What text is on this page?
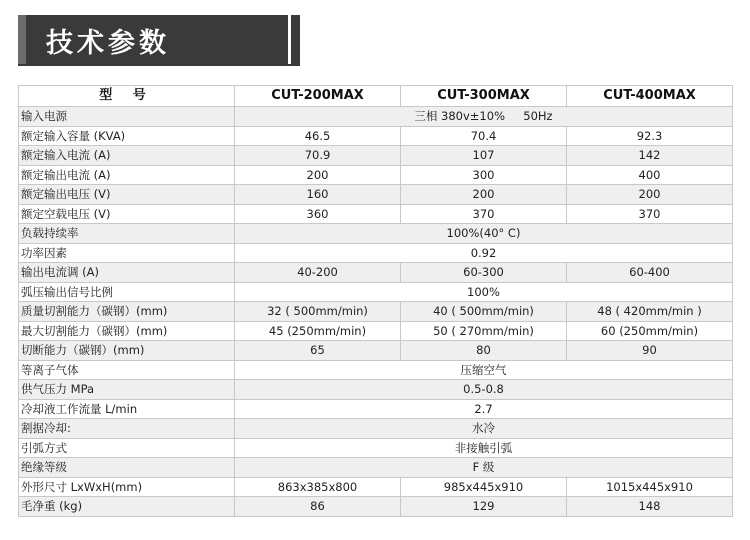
技术参数
型 号	CUT-200MAX	CUT-300MAX	CUT-400MAX
输入电源	三相 380v±10%     50Hz		
额定输入容量 (KVA)	46.5	70.4	92.3
额定输入电流 (A)	70.9	107	142
额定输出电流 (A)	200	300	400
额定输出电压 (V)	160	200	200
额定空载电压 (V)	360	370	370
负载持续率	100%(40° C)		
功率因素	0.92		
输出电流调 (A)	40-200	60-300	60-400
弧压输出信号比例	100%		
质量切割能力（碳钢）(mm)	32 ( 500mm/min)	40 ( 500mm/min)	48 ( 420mm/min )
最大切割能力（碳钢）(mm)	45 (250mm/min)	50 ( 270mm/min)	60 (250mm/min)
切断能力（碳钢）(mm)	65	80	90
等离子气体	压缩空气		
供气压力 MPa	0.5-0.8		
冷却液工作流量 L/min	2.7		
割据冷却:	水冷		
引弧方式	非接触引弧		
绝缘等级	F 级		
外形尺寸 LxWxH(mm)	863x385x800	985x445x910	1015x445x910
毛净重 (kg)	86	129	148
